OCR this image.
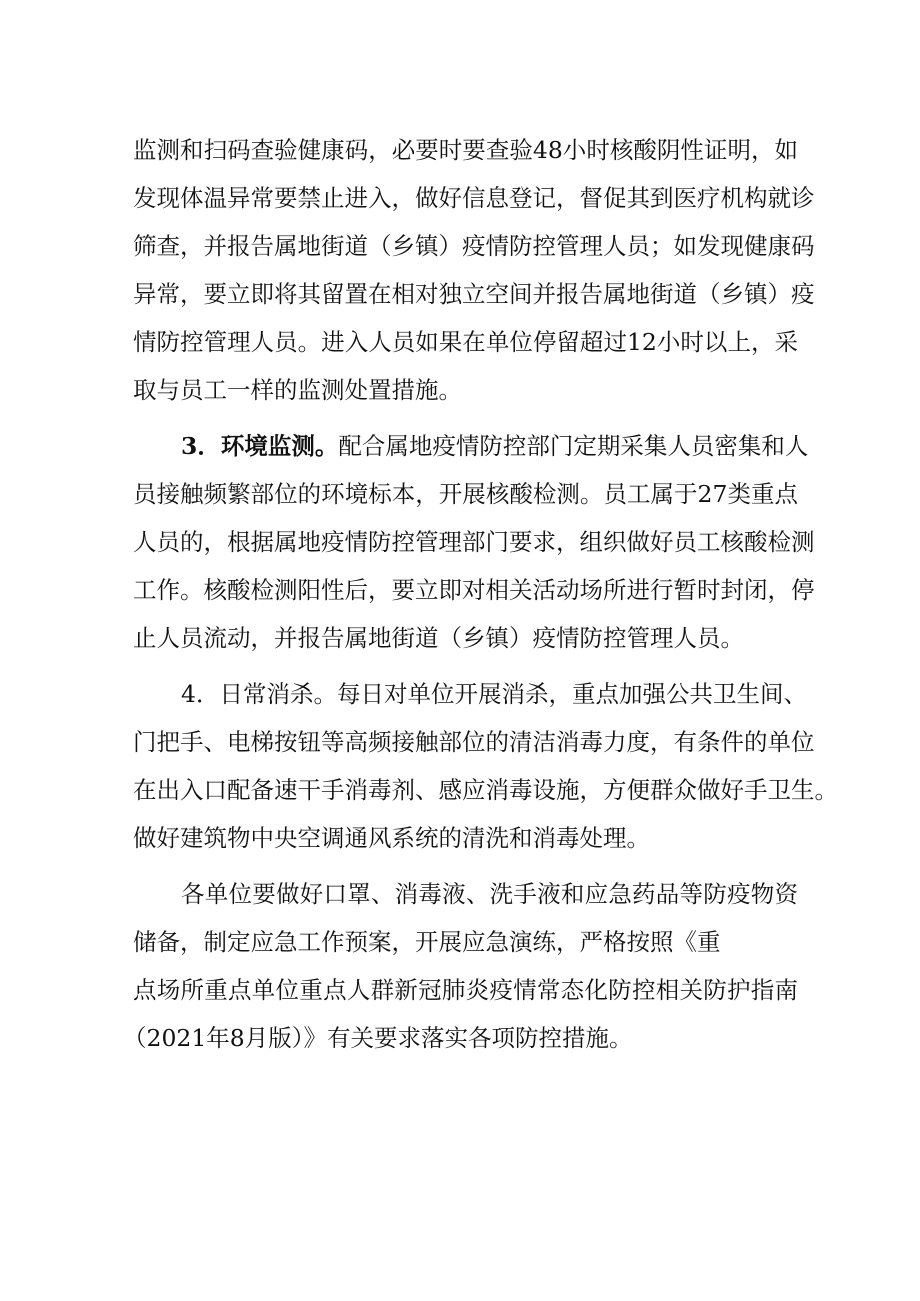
监测和扫码查验健康码，必要时要查验48小时核酸阴性证明，如
发现体温异常要禁止进入，做好信息登记，督促其到医疗机构就诊
筛查，并报告属地街道（乡镇）疫情防控管理人员；如发现健康码
异常，要立即将其留置在相对独立空间并报告属地街道（乡镇）疫
情防控管理人员。进入人员如果在单位停留超过12小时以上，采
取与员工一样的监测处置措施。
3．环境监测。配合属地疫情防控部门定期采集人员密集和人
员接触频繁部位的环境标本，开展核酸检测。员工属于27类重点
人员的，根据属地疫情防控管理部门要求，组织做好员工核酸检测
工作。核酸检测阳性后，要立即对相关活动场所进行暂时封闭，停
止人员流动，并报告属地街道（乡镇）疫情防控管理人员。
4．日常消杀。每日对单位开展消杀，重点加强公共卫生间、
门把手、电梯按钮等高频接触部位的清洁消毒力度，有条件的单位
在出入口配备速干手消毒剂、感应消毒设施，方便群众做好手卫生。
做好建筑物中央空调通风系统的清洗和消毒处理。
各单位要做好口罩、消毒液、洗手液和应急药品等防疫物资
储备，制定应急工作预案，开展应急演练，严格按照《重
点场所重点单位重点人群新冠肺炎疫情常态化防控相关防护指南
（2021年8月版）》有关要求落实各项防控措施。
